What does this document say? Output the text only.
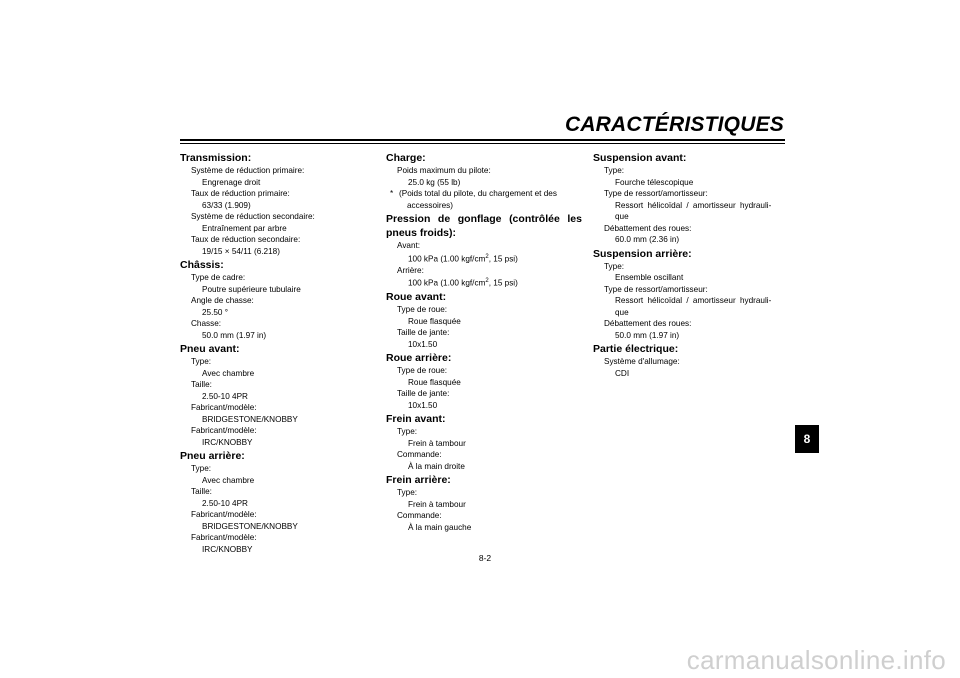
CARACTÉRISTIQUES
Transmission:
Système de réduction primaire:
Engrenage droit
Taux de réduction primaire:
63/33 (1.909)
Système de réduction secondaire:
Entraînement par arbre
Taux de réduction secondaire:
19/15 × 54/11 (6.218)
Châssis:
Type de cadre:
Poutre supérieure tubulaire
Angle de chasse:
25.50 °
Chasse:
50.0 mm (1.97 in)
Pneu avant:
Type:
Avec chambre
Taille:
2.50-10 4PR
Fabricant/modèle:
BRIDGESTONE/KNOBBY
Fabricant/modèle:
IRC/KNOBBY
Pneu arrière:
Type:
Avec chambre
Taille:
2.50-10 4PR
Fabricant/modèle:
BRIDGESTONE/KNOBBY
Fabricant/modèle:
IRC/KNOBBY
Charge:
Poids maximum du pilote:
25.0 kg (55 lb)
* (Poids total du pilote, du chargement et des
accessoires)
Pression de gonflage (contrôlée les pneus froids):
Avant:
100 kPa (1.00 kgf/$cm^2$, 15 psi)
Arrière:
100 kPa (1.00 kgf/$cm^2$, 15 psi)
Roue avant:
Type de roue:
Roue flasquée
Taille de jante:
10x1.50
Roue arrière:
Type de roue:
Roue flasquée
Taille de jante:
10x1.50
Frein avant:
Type:
Frein à tambour
Commande:
À la main droite
Frein arrière:
Type:
Frein à tambour
Commande:
À la main gauche
Suspension avant:
Type:
Fourche télescopique
Type de ressort/amortisseur:
Ressort hélicoïdal / amortisseur hydrauli-
que
Débattement des roues:
60.0 mm (2.36 in)
Suspension arrière:
Type:
Ensemble oscillant
Type de ressort/amortisseur:
Ressort hélicoïdal / amortisseur hydrauli-
que
Débattement des roues:
50.0 mm (1.97 in)
Partie électrique:
Système d'allumage:
CDI
8
8-2
carmanualsonline.info
